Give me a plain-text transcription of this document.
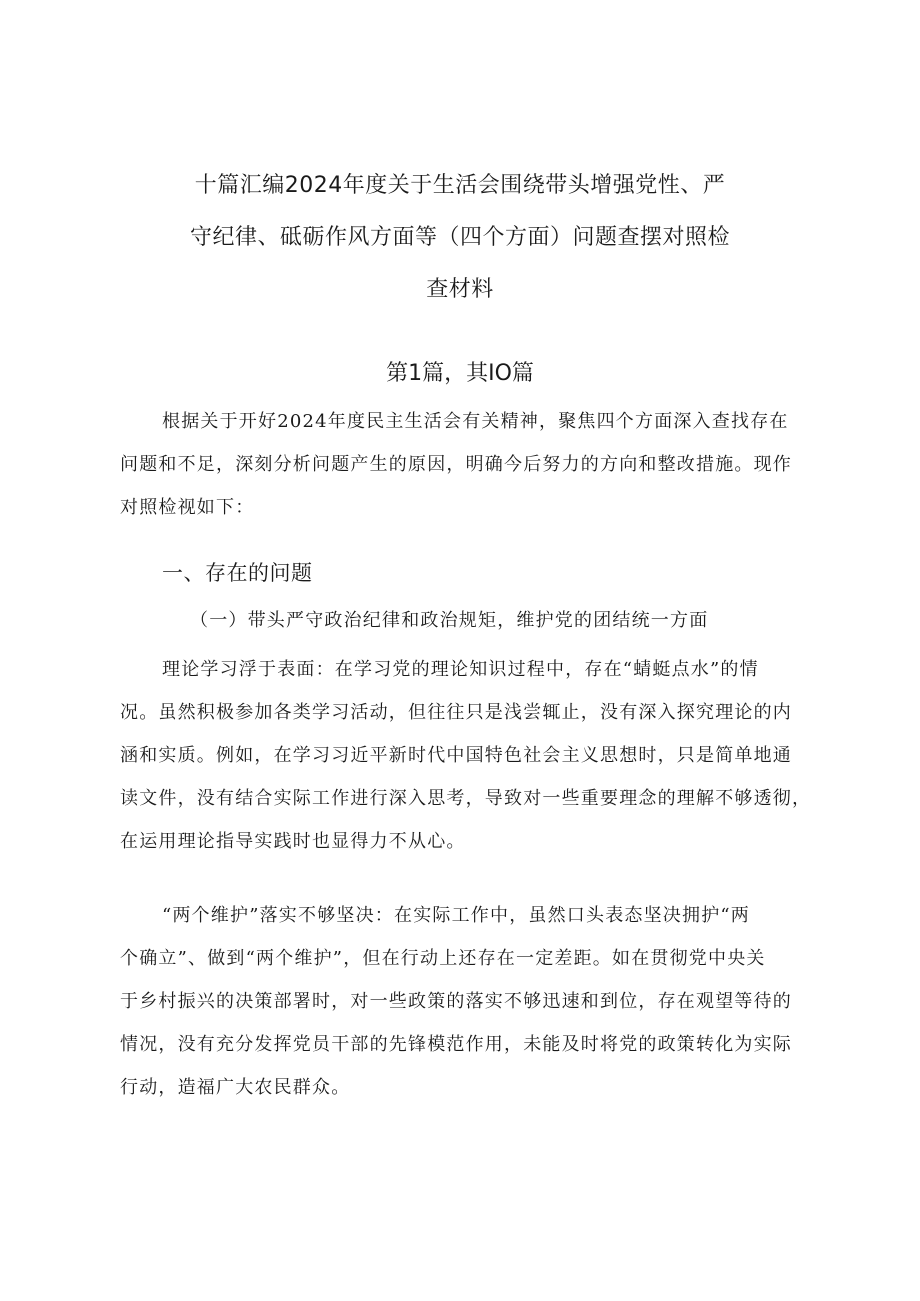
十篇汇编2024年度关于生活会围绕带头增强党性、严
守纪律、砥砺作风方面等（四个方面）问题查摆对照检
查材料
第1篇，其IO篇
根据关于开好2024年度民主生活会有关精神，聚焦四个方面深入查找存在
问题和不足，深刻分析问题产生的原因，明确今后努力的方向和整改措施。现作
对照检视如下：
一、存在的问题
（一）带头严守政治纪律和政治规矩，维护党的团结统一方面
理论学习浮于表面：在学习党的理论知识过程中，存在“蜻蜓点水”的情
况。虽然积极参加各类学习活动，但往往只是浅尝辄止，没有深入探究理论的内
涵和实质。例如，在学习习近平新时代中国特色社会主义思想时，只是简单地通
读文件，没有结合实际工作进行深入思考，导致对一些重要理念的理解不够透彻，
在运用理论指导实践时也显得力不从心。
“两个维护”落实不够坚决：在实际工作中，虽然口头表态坚决拥护“两
个确立”、做到“两个维护”，但在行动上还存在一定差距。如在贯彻党中央关
于乡村振兴的决策部署时，对一些政策的落实不够迅速和到位，存在观望等待的
情况，没有充分发挥党员干部的先锋模范作用，未能及时将党的政策转化为实际
行动，造福广大农民群众。
